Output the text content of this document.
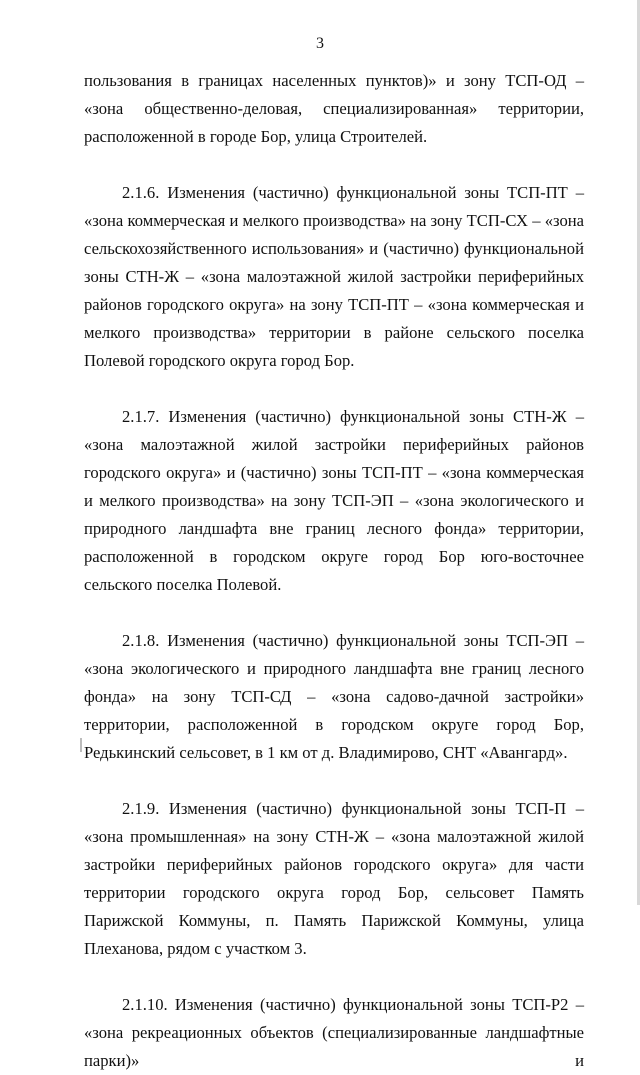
3

пользования в границах населенных пунктов)» и зону ТСП-ОД – «зона общественно-деловая, специализированная» территории, расположенной в городе Бор, улица Строителей.

2.1.6. Изменения (частично) функциональной зоны ТСП-ПТ – «зона коммерческая и мелкого производства» на зону ТСП-СХ – «зона сельскохозяйственного использования» и (частично) функциональной зоны СТН-Ж – «зона малоэтажной жилой застройки периферийных районов городского округа» на зону ТСП-ПТ – «зона коммерческая и мелкого производства» территории в районе сельского поселка Полевой городского округа город Бор.

2.1.7. Изменения (частично) функциональной зоны СТН-Ж – «зона малоэтажной жилой застройки периферийных районов городского округа» и (частично) зоны ТСП-ПТ – «зона коммерческая и мелкого производства» на зону ТСП-ЭП – «зона экологического и природного ландшафта вне границ лесного фонда» территории, расположенной в городском округе город Бор юго-восточнее сельского поселка Полевой.

2.1.8. Изменения (частично) функциональной зоны ТСП-ЭП – «зона экологического и природного ландшафта вне границ лесного фонда» на зону ТСП-СД – «зона садово-дачной застройки» территории, расположенной в городском округе город Бор, Редькинский сельсовет, в 1 км от д. Владимирово, СНТ «Авангард».

2.1.9. Изменения (частично) функциональной зоны ТСП-П – «зона промышленная» на зону СТН-Ж – «зона малоэтажной жилой застройки периферийных районов городского округа» для части территории городского округа город Бор, сельсовет Память Парижской Коммуны, п. Память Парижской Коммуны, улица Плеханова, рядом с участком 3.

2.1.10. Изменения (частично) функциональной зоны ТСП-Р2 – «зона рекреационных объектов (специализированные ландшафтные парки)» и
